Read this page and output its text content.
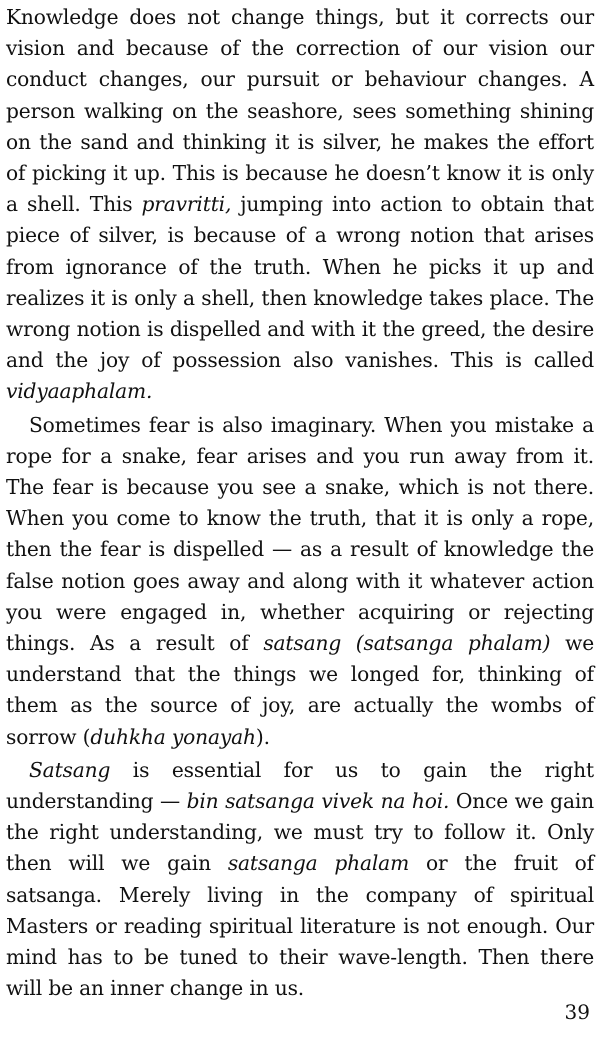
Knowledge does not change things, but it corrects our vision and because of the correction of our vision our conduct changes, our pursuit or behaviour changes. A person walking on the seashore, sees something shining on the sand and thinking it is silver, he makes the effort of picking it up. This is because he doesn’t know it is only a shell. This pravritti, jumping into action to obtain that piece of silver, is because of a wrong notion that arises from ignorance of the truth. When he picks it up and realizes it is only a shell, then knowledge takes place. The wrong notion is dispelled and with it the greed, the desire and the joy of possession also vanishes. This is called vidyaaphalam.

Sometimes fear is also imaginary. When you mistake a rope for a snake, fear arises and you run away from it. The fear is because you see a snake, which is not there. When you come to know the truth, that it is only a rope, then the fear is dispelled — as a result of knowledge the false notion goes away and along with it whatever action you were engaged in, whether acquiring or rejecting things. As a result of satsang (satsanga phalam) we understand that the things we longed for, thinking of them as the source of joy, are actually the wombs of sorrow (duhkha yonayah).

Satsang is essential for us to gain the right understanding — bin satsanga vivek na hoi. Once we gain the right understanding, we must try to follow it. Only then will we gain satsanga phalam or the fruit of satsanga. Merely living in the company of spiritual Masters or reading spiritual literature is not enough. Our mind has to be tuned to their wave-length. Then there will be an inner change in us.

39
